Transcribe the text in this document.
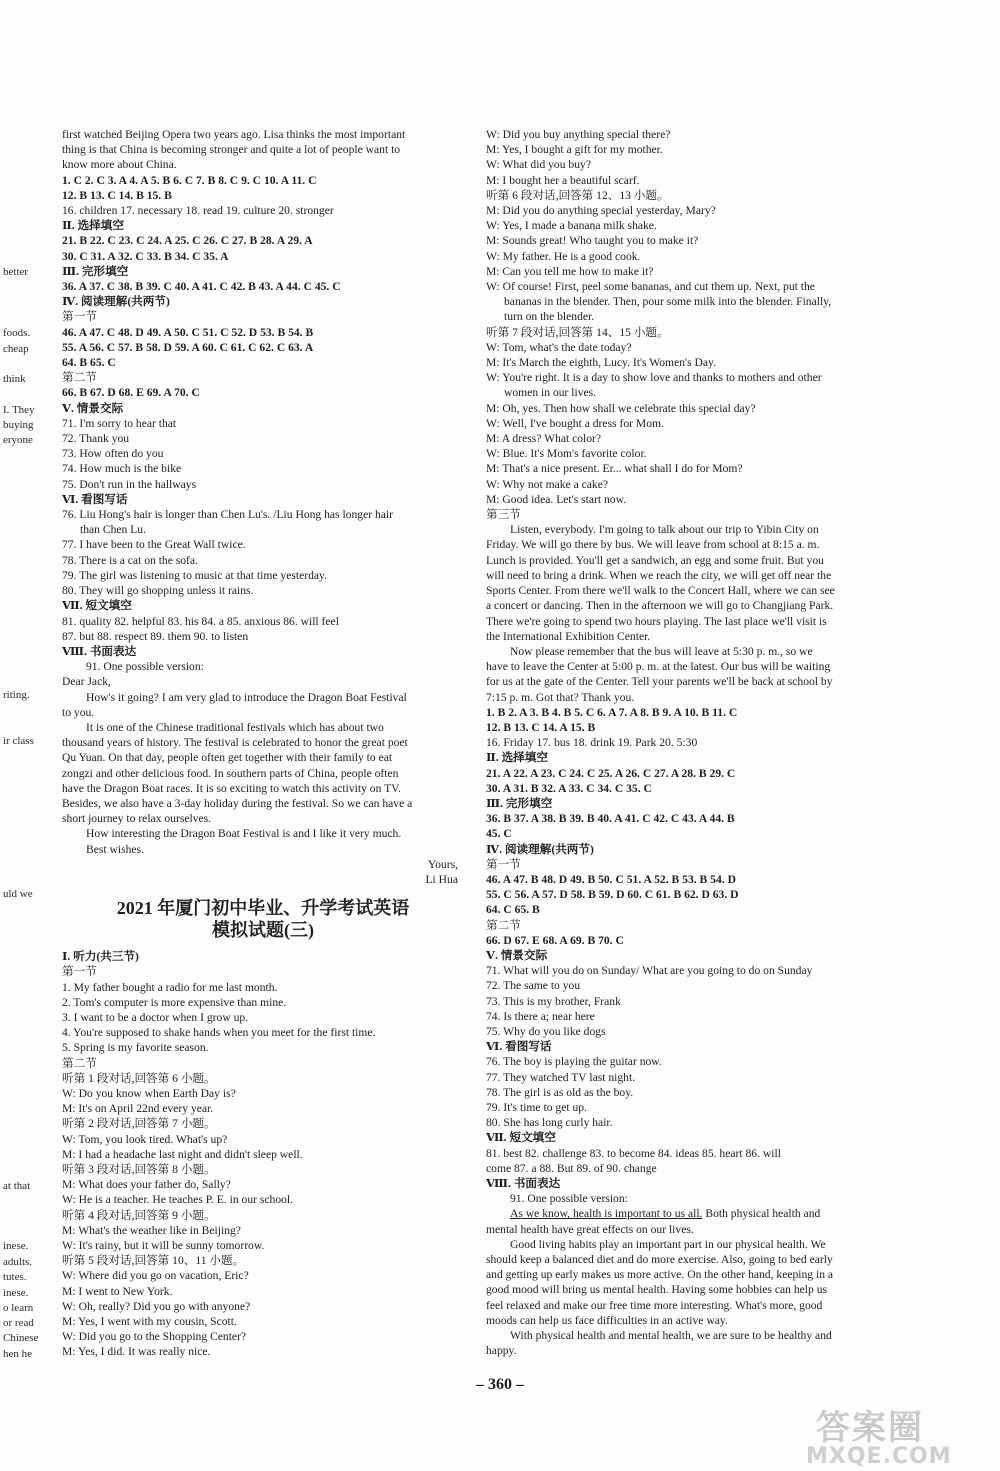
better
foods.
cheap
think
I. They
buying
eryone
riting.
ir class
uld we
at that
inese.
adults.
tutes.
inese.
o learn
or read
Chinese
hen he
first watched Beijing Opera two years ago. Lisa thinks the most important
thing is that China is becoming stronger and quite a lot of people want to
know more about China.
1. C 2. C 3. A 4. A 5. B 6. C 7. B 8. C 9. C 10. A 11. C
12. B 13. C 14. B 15. B
16. children 17. necessary 18. read 19. culture 20. stronger
Ⅱ. 选择填空
21. B 22. C 23. C 24. A 25. C 26. C 27. B 28. A 29. A
30. C 31. A 32. C 33. B 34. C 35. A
Ⅲ. 完形填空
36. A 37. C 38. B 39. C 40. A 41. C 42. B 43. A 44. C 45. C
Ⅳ. 阅读理解(共两节)
第一节
46. A 47. C 48. D 49. A 50. C 51. C 52. D 53. B 54. B
55. A 56. C 57. B 58. D 59. A 60. C 61. C 62. C 63. A
64. B 65. C
第二节
66. B 67. D 68. E 69. A 70. C
Ⅴ. 情景交际
71. I'm sorry to hear that
72. Thank you
73. How often do you
74. How much is the bike
75. Don't run in the hallways
Ⅵ. 看图写话
76. Liu Hong's hair is longer than Chen Lu's. /Liu Hong has longer hair
than Chen Lu.
77. I have been to the Great Wall twice.
78. There is a cat on the sofa.
79. The girl was listening to music at that time yesterday.
80. They will go shopping unless it rains.
Ⅶ. 短文填空
81. quality 82. helpful 83. his 84. a 85. anxious 86. will feel
87. but 88. respect 89. them 90. to listen
Ⅷ. 书面表达
91. One possible version:
Dear Jack,
How's it going? I am very glad to introduce the Dragon Boat Festival
to you.
It is one of the Chinese traditional festivals which has about two
thousand years of history. The festival is celebrated to honor the great poet
Qu Yuan. On that day, people often get together with their family to eat
zongzi and other delicious food. In southern parts of China, people often
have the Dragon Boat races. It is so exciting to watch this activity on TV.
Besides, we also have a 3-day holiday during the festival. So we can have a
short journey to relax ourselves.
How interesting the Dragon Boat Festival is and I like it very much.
Best wishes.
Yours,
Li Hua
2021 年厦门初中毕业、升学考试英语
模拟试题(三)
Ⅰ. 听力(共三节)
第一节
1. My father bought a radio for me last month.
2. Tom's computer is more expensive than mine.
3. I want to be a doctor when I grow up.
4. You're supposed to shake hands when you meet for the first time.
5. Spring is my favorite season.
第二节
听第 1 段对话,回答第 6 小题。
W: Do you know when Earth Day is?
M: It's on April 22nd every year.
听第 2 段对话,回答第 7 小题。
W: Tom, you look tired. What's up?
M: I had a headache last night and didn't sleep well.
听第 3 段对话,回答第 8 小题。
M: What does your father do, Sally?
W: He is a teacher. He teaches P. E. in our school.
听第 4 段对话,回答第 9 小题。
M: What's the weather like in Beijing?
W: It's rainy, but it will be sunny tomorrow.
听第 5 段对话,回答第 10、11 小题。
W: Where did you go on vacation, Eric?
M: I went to New York.
W: Oh, really? Did you go with anyone?
M: Yes, I went with my cousin, Scott.
W: Did you go to the Shopping Center?
M: Yes, I did. It was really nice.
W: Did you buy anything special there?
M: Yes, I bought a gift for my mother.
W: What did you buy?
M: I bought her a beautiful scarf.
听第 6 段对话,回答第 12、13 小题。
M: Did you do anything special yesterday, Mary?
W: Yes, I made a banana milk shake.
M: Sounds great! Who taught you to make it?
W: My father. He is a good cook.
M: Can you tell me how to make it?
W: Of course! First, peel some bananas, and cut them up. Next, put the
bananas in the blender. Then, pour some milk into the blender. Finally,
turn on the blender.
听第 7 段对话,回答第 14、15 小题。
W: Tom, what's the date today?
M: It's March the eighth, Lucy. It's Women's Day.
W: You're right. It is a day to show love and thanks to mothers and other
women in our lives.
M: Oh, yes. Then how shall we celebrate this special day?
W: Well, I've bought a dress for Mom.
M: A dress? What color?
W: Blue. It's Mom's favorite color.
M: That's a nice present. Er... what shall I do for Mom?
W: Why not make a cake?
M: Good idea. Let's start now.
第三节
Listen, everybody. I'm going to talk about our trip to Yibin City on
Friday. We will go there by bus. We will leave from school at 8:15 a. m.
Lunch is provided. You'll get a sandwich, an egg and some fruit. But you
will need to bring a drink. When we reach the city, we will get off near the
Sports Center. From there we'll walk to the Concert Hall, where we can see
a concert or dancing. Then in the afternoon we will go to Changjiang Park.
There we're going to spend two hours playing. The last place we'll visit is
the International Exhibition Center.
Now please remember that the bus will leave at 5:30 p. m., so we
have to leave the Center at 5:00 p. m. at the latest. Our bus will be waiting
for us at the gate of the Center. Tell your parents we'll be back at school by
7:15 p. m. Got that? Thank you.
1. B 2. A 3. B 4. B 5. C 6. A 7. A 8. B 9. A 10. B 11. C
12. B 13. C 14. A 15. B
16. Friday 17. bus 18. drink 19. Park 20. 5:30
Ⅱ. 选择填空
21. A 22. A 23. C 24. C 25. A 26. C 27. A 28. B 29. C
30. A 31. B 32. A 33. C 34. C 35. C
Ⅲ. 完形填空
36. B 37. A 38. B 39. B 40. A 41. C 42. C 43. A 44. B
45. C
Ⅳ. 阅读理解(共两节)
第一节
46. A 47. B 48. D 49. B 50. C 51. A 52. B 53. B 54. D
55. C 56. A 57. D 58. B 59. D 60. C 61. B 62. D 63. D
64. C 65. B
第二节
66. D 67. E 68. A 69. B 70. C
Ⅴ. 情景交际
71. What will you do on Sunday/ What are you going to do on Sunday
72. The same to you
73. This is my brother, Frank
74. Is there a; near here
75. Why do you like dogs
Ⅵ. 看图写话
76. The boy is playing the guitar now.
77. They watched TV last night.
78. The girl is as old as the boy.
79. It's time to get up.
80. She has long curly hair.
Ⅶ. 短文填空
81. best 82. challenge 83. to become 84. ideas 85. heart 86. will
come 87. a 88. But 89. of 90. change
Ⅷ. 书面表达
91. One possible version:
As we know, health is important to us all. Both physical health and
mental health have great effects on our lives.
Good living habits play an important part in our physical health. We
should keep a balanced diet and do more exercise. Also, going to bed early
and getting up early makes us more active. On the other hand, keeping in a
good mood will bring us mental health. Having some hobbies can help us
feel relaxed and make our free time more interesting. What's more, good
moods can help us face difficulties in an active way.
With physical health and mental health, we are sure to be healthy and
happy.
– 360 –
答案圈
MXQE.COM
